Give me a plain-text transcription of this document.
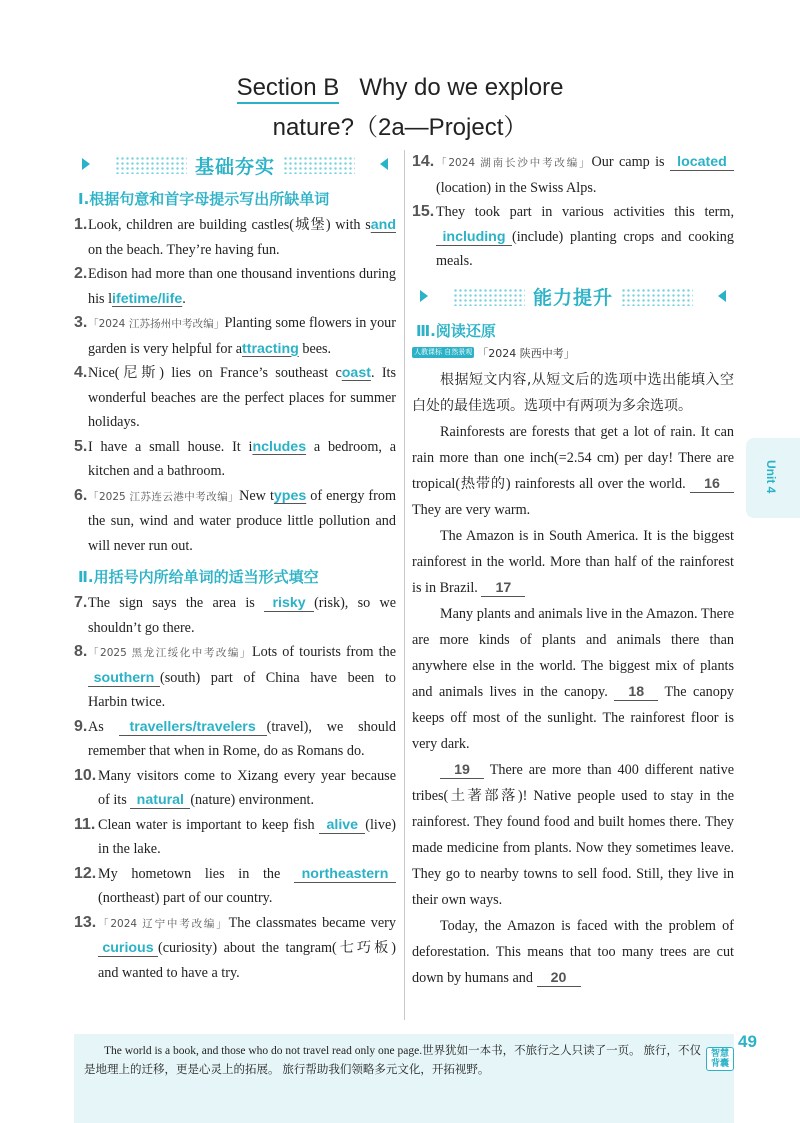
Section B Why do we explore
nature?（2a—Project）
基础夯实
Ⅰ.根据句意和首字母提示写出所缺单词
1. Look, children are building castles(城堡) with sand on the beach. They’re having fun.
2. Edison had more than one thousand inventions during his lifetime/life.
3. 「2024 江苏扬州中考改编」Planting some flowers in your garden is very helpful for attracting bees.
4. Nice(尼斯) lies on France’s southeast coast. Its wonderful beaches are the perfect places for summer holidays.
5. I have a small house. It includes a bedroom, a kitchen and a bathroom.
6. 「2025 江苏连云港中考改编」New types of energy from the sun, wind and water produce little pollution and will never run out.
Ⅱ.用括号内所给单词的适当形式填空
7. The sign says the area is risky (risk), so we shouldn’t go there.
8. 「2025 黑龙江绥化中考改编」Lots of tourists from the southern (south) part of China have been to Harbin twice.
9. As travellers/travelers (travel), we should remember that when in Rome, do as Romans do.
10. Many visitors come to Xizang every year because of its natural (nature) environment.
11. Clean water is important to keep fish alive (live) in the lake.
12. My hometown lies in the northeastern(northeast) part of our country.
13. 「2024 辽宁中考改编」The classmates became very curious (curiosity) about the tangram(七巧板) and wanted to have a try.
14. 「2024 湖南长沙中考改编」Our camp is located(location) in the Swiss Alps.
15. They took part in various activities this term, including (include) planting crops and cooking meals.
能力提升
Ⅲ.阅读还原
人教课标 自然景观 「2024 陕西中考」
根据短文内容,从短文后的选项中选出能填入空白处的最佳选项。选项中有两项为多余选项。
Rainforests are forests that get a lot of rain. It can rain more than one inch(=2.54 cm) per day! There are tropical(热带的) rainforests all over the world. 16 They are very warm.
The Amazon is in South America. It is the biggest rainforest in the world. More than half of the rainforest is in Brazil. 17
Many plants and animals live in the Amazon. There are more kinds of plants and animals there than anywhere else in the world. The biggest mix of plants and animals lives in the canopy. 18 The canopy keeps off most of the sunlight. The rainforest floor is very dark.
19 There are more than 400 different native tribes(土著部落)! Native people used to stay in the rainforest. They found food and built homes there. They made medicine from plants. Now they sometimes leave. They go to nearby towns to sell food. Still, they live in their own ways.
Today, the Amazon is faced with the problem of deforestation. This means that too many trees are cut down by humans and 20
Unit 4
The world is a book, and those who do not travel read only one page.世界犹如一本书，不旅行之人只读了一页。 旅行，不仅是地理上的迁移，更是心灵上的拓展。 旅行帮助我们领略多元文化，开拓视野。
智慧背囊
49
